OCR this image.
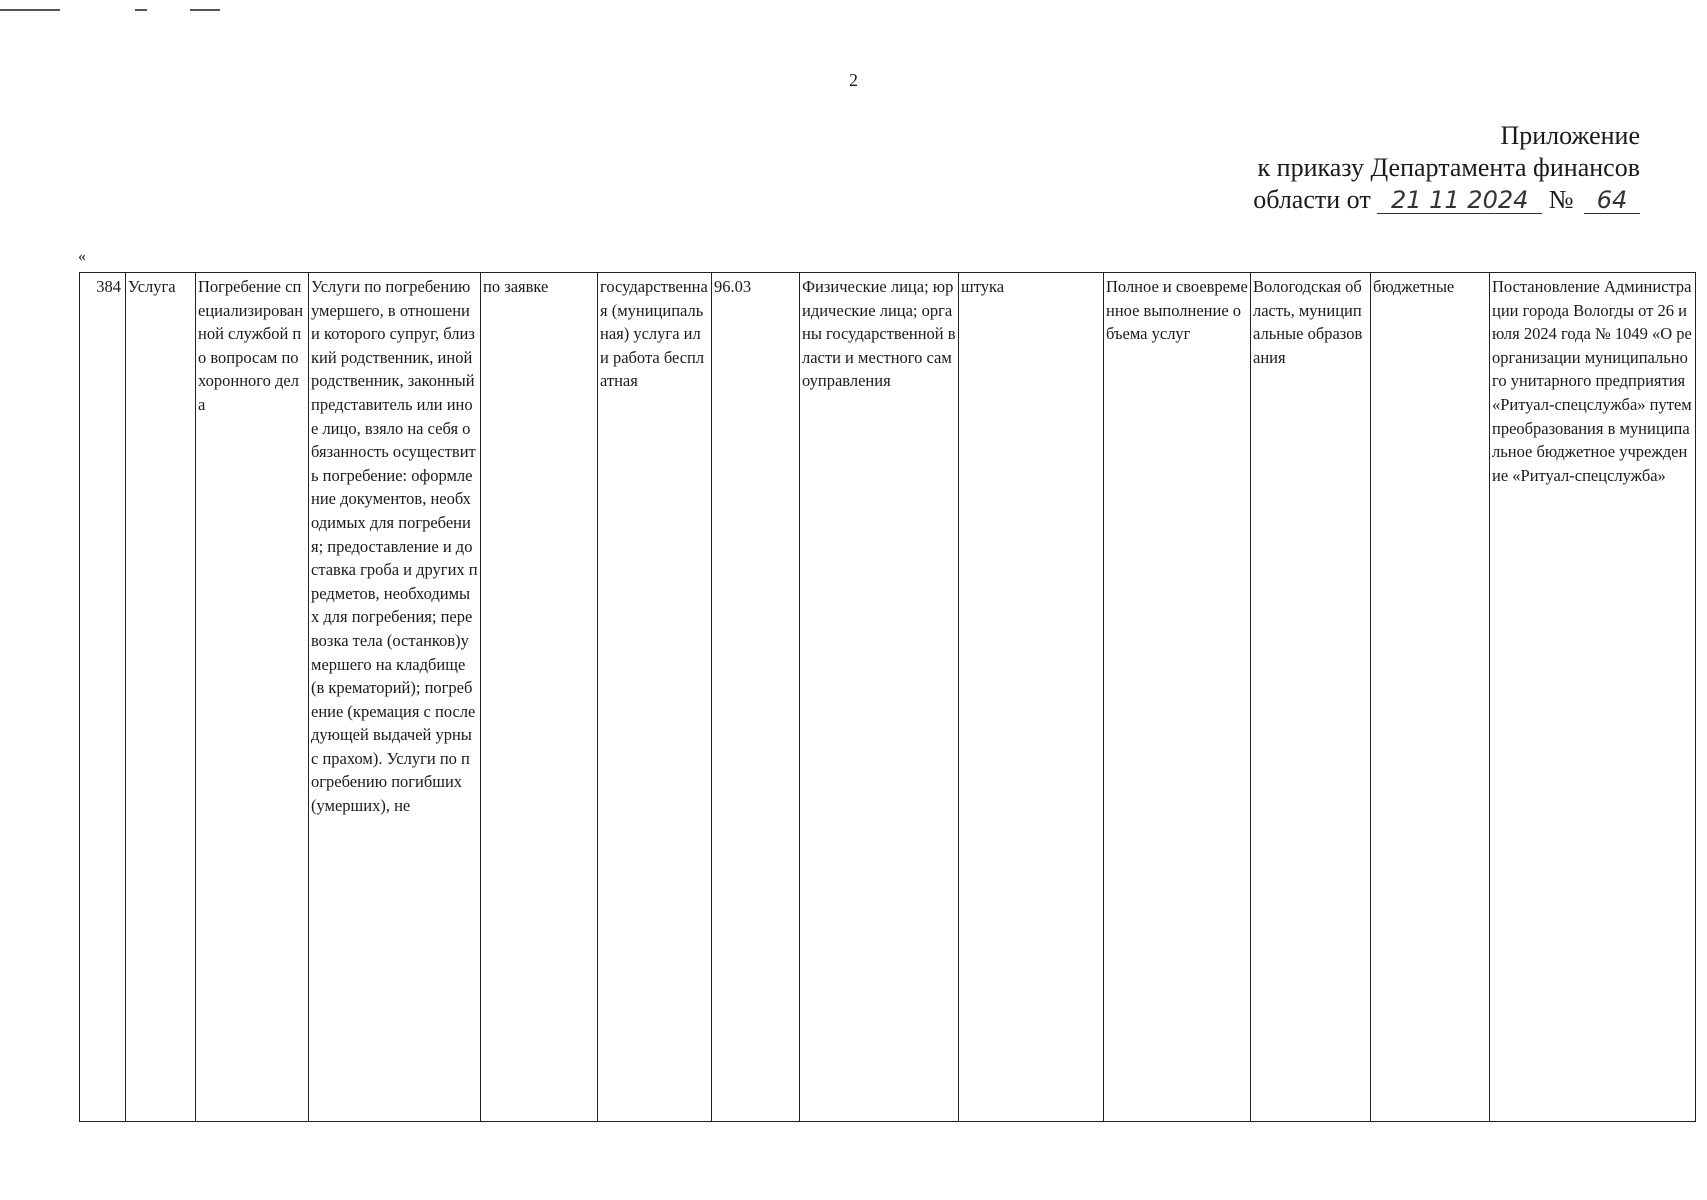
2
Приложение
к приказу Департамента финансов
области от 21 11 2024 № 64
«
384	Услуга	Погребение специализированной службой по вопросам похоронного дела	Услуги по погребению умершего, в отношении которого супруг, близкий родственник, иной родственник, законный представитель или иное лицо, взяло на себя обязанность осуществить погребение: оформление документов, необходимых для погребения; предоставление и доставка гроба и других предметов, необходимых для погребения; перевозка тела (останков)умершего на кладбище (в крематорий); погребение (кремация с последующей выдачей урны с прахом). Услуги по погребению погибших (умерших), не	по заявке	государственная (муниципальная) услуга или работа бесплатная	96.03	Физические лица; юридические лица; органы государственной власти и местного самоуправления	штука	Полное и своевременное выполнение объема услуг	Вологодская область, муниципальные образования	бюджетные	Постановление Администрации города Вологды от 26 июля 2024 года № 1049 «О реорганизации муниципального унитарного предприятия «Ритуал-спецслужба» путем преобразования в муниципальное бюджетное учреждение «Ритуал-спецслужба»
